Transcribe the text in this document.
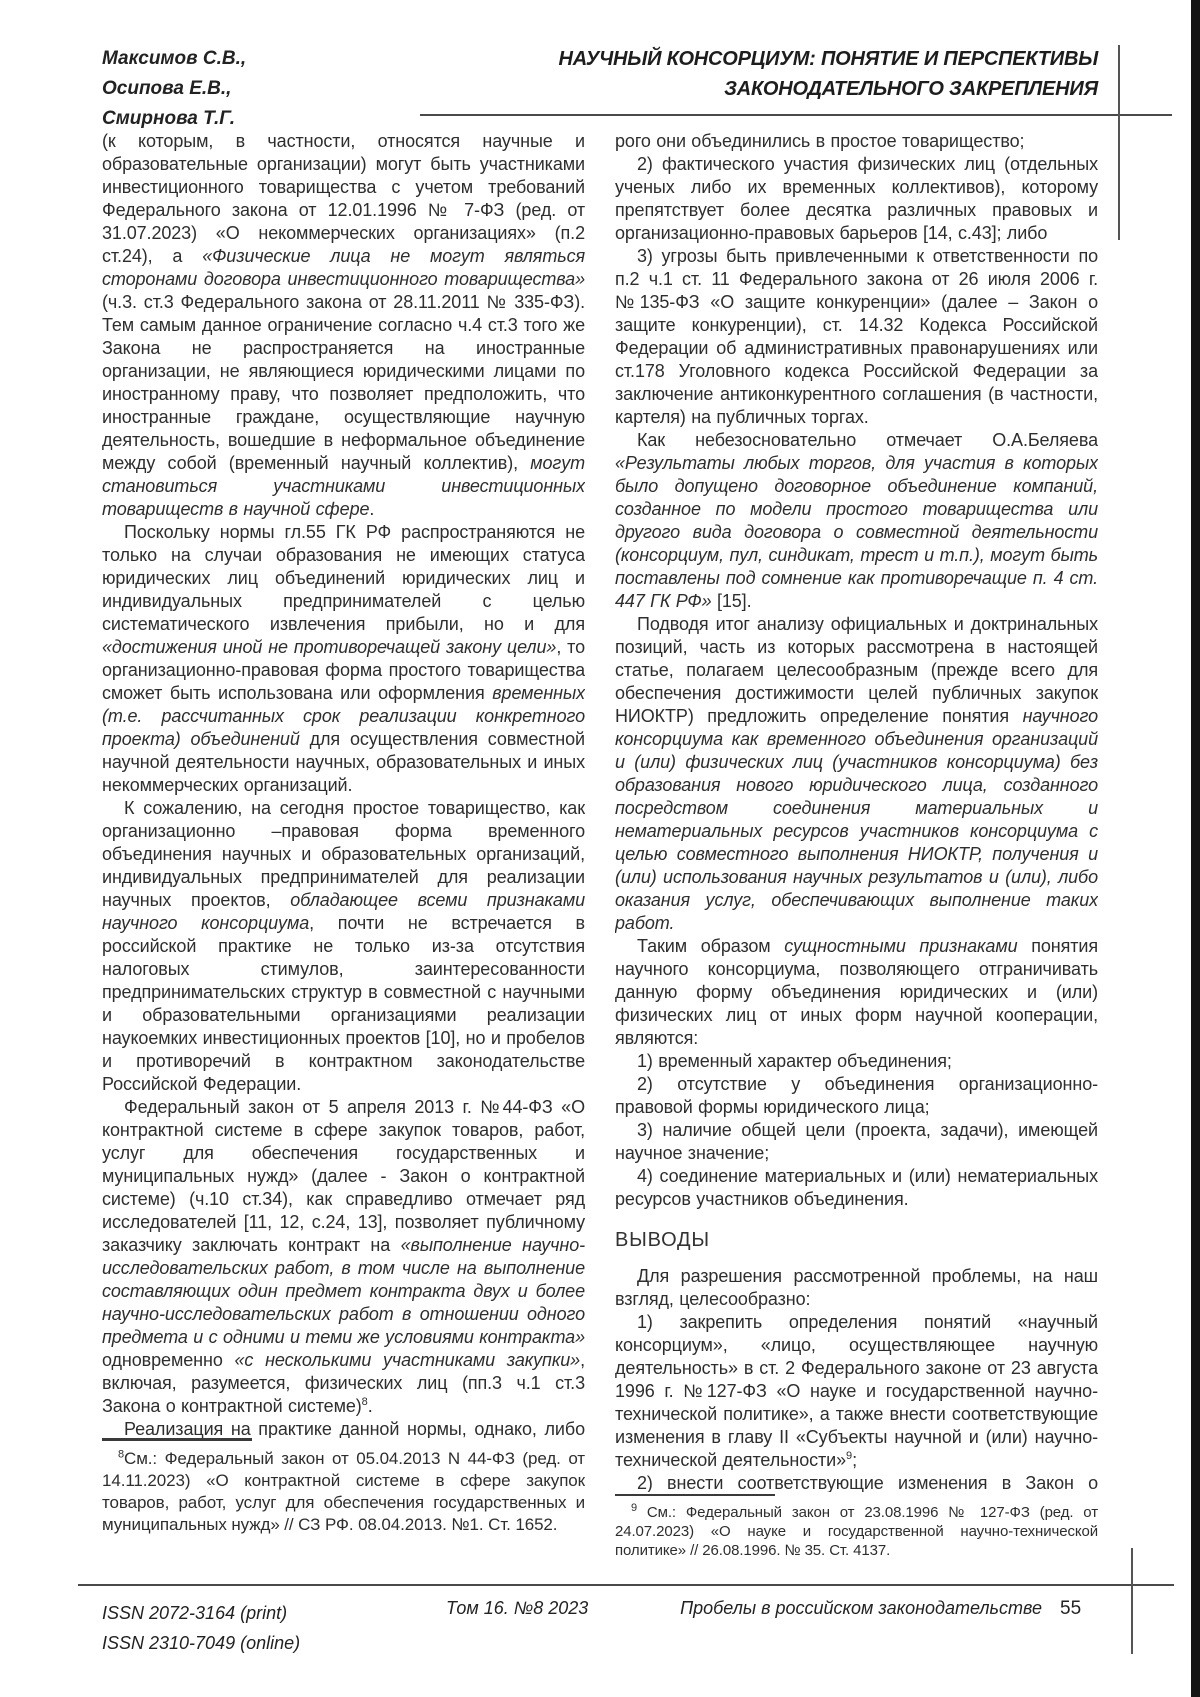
Максимов С.В.,
Осипова Е.В.,
Смирнова Т.Г.
НАУЧНЫЙ КОНСОРЦИУМ: ПОНЯТИЕ И ПЕРСПЕКТИВЫ
ЗАКОНОДАТЕЛЬНОГО ЗАКРЕПЛЕНИЯ

(к которым, в частности, относятся научные и образовательные организации) могут быть участниками инвестиционного товарищества с учетом требований Федерального закона от 12.01.1996 № 7-ФЗ (ред. от 31.07.2023) «О некоммерческих организациях» (п.2 ст.24), а «Физические лица не могут являться сторонами договора инвестиционного товарищества» (ч.3. ст.3 Федерального закона от 28.11.2011 № 335-ФЗ). Тем самым данное ограничение согласно ч.4 ст.3 того же Закона не распространяется на иностранные организации, не являющиеся юридическими лицами по иностранному праву, что позволяет предположить, что иностранные граждане, осуществляющие научную деятельность, вошедшие в неформальное объединение между собой (временный научный коллектив), могут становиться участниками инвестиционных товариществ в научной сфере.

Поскольку нормы гл.55 ГК РФ распространяются не только на случаи образования не имеющих статуса юридических лиц объединений юридических лиц и индивидуальных предпринимателей с целью систематического извлечения прибыли, но и для «достижения иной не противоречащей закону цели», то организационно-правовая форма простого товарищества сможет быть использована или оформления временных (т.е. рассчитанных срок реализации конкретного проекта) объединений для осуществления совместной научной деятельности научных, образовательных и иных некоммерческих организаций.

К сожалению, на сегодня простое товарищество, как организационно –правовая форма временного объединения научных и образовательных организаций, индивидуальных предпринимателей для реализации научных проектов, обладающее всеми признаками научного консорциума, почти не встречается в российской практике не только из-за отсутствия налоговых стимулов, заинтересованности предпринимательских структур в совместной с научными и образовательными организациями реализации наукоемких инвестиционных проектов [10], но и пробелов и противоречий в контрактном законодательстве Российской Федерации.

Федеральный закон от 5 апреля 2013 г. №44-ФЗ «О контрактной системе в сфере закупок товаров, работ, услуг для обеспечения государственных и муниципальных нужд» (далее - Закон о контрактной системе) (ч.10 ст.34), как справедливо отмечает ряд исследователей [11, 12, с.24, 13], позволяет публичному заказчику заключать контракт на «выполнение научно-исследовательских работ, в том числе на выполнение составляющих один предмет контракта двух и более научно-исследовательских работ в отношении одного предмета и с одними и теми же условиями контракта» одновременно «с несколькими участниками закупки», включая, разумеется, физических лиц (пп.3 ч.1 ст.3 Закона о контрактной системе)$^8$.

Реализация на практике данной нормы, однако, либо

рого они объединились в простое товарищество;

2) фактического участия физических лиц (отдельных ученых либо их временных коллективов), которому препятствует более десятка различных правовых и организационно-правовых барьеров [14, с.43]; либо

3) угрозы быть привлеченными к ответственности по п.2 ч.1 ст. 11 Федерального закона от 26 июля 2006 г. №135-ФЗ «О защите конкуренции» (далее – Закон о защите конкуренции), ст. 14.32 Кодекса Российской Федерации об административных правонарушениях или ст.178 Уголовного кодекса Российской Федерации за заключение антиконкурентного соглашения (в частности, картеля) на публичных торгах.

Как небезосновательно отмечает О.А.Беляева «Результаты любых торгов, для участия в которых было допущено договорное объединение компаний, созданное по модели простого товарищества или другого вида договора о совместной деятельности (консорциум, пул, синдикат, трест и т.п.), могут быть поставлены под сомнение как противоречащие п. 4 ст. 447 ГК РФ» [15].

Подводя итог анализу официальных и доктринальных позиций, часть из которых рассмотрена в настоящей статье, полагаем целесообразным (прежде всего для обеспечения достижимости целей публичных закупок НИОКТР) предложить определение понятия научного консорциума как временного объединения организаций и (или) физических лиц (участников консорциума) без образования нового юридического лица, созданного посредством соединения материальных и нематериальных ресурсов участников консорциума с целью совместного выполнения НИОКТР, получения и (или) использования научных результатов и (или), либо оказания услуг, обеспечивающих выполнение таких работ.

Таким образом сущностными признаками понятия научного консорциума, позволяющего отграничивать данную форму объединения юридических и (или) физических лиц от иных форм научной кооперации, являются:

1) временный характер объединения;

2) отсутствие у объединения организационно-правовой формы юридического лица;

3) наличие общей цели (проекта, задачи), имеющей научное значение;

4) соединение материальных и (или) нематериальных ресурсов участников объединения.

ВЫВОДЫ

Для разрешения рассмотренной проблемы, на наш взгляд, целесообразно:

1) закрепить определения понятий «научный консорциум», «лицо, осуществляющее научную деятельность» в ст. 2 Федерального законе от 23 августа 1996 г. №127-ФЗ «О науке и государственной научно-технической политике», а также внести соответствующие изменения в главу II «Субъекты научной и (или) научно-технической деятельности»$^9$;

2) внести соответствующие изменения в Закон о

$^8$См.: Федеральный закон от 05.04.2013 N 44-ФЗ (ред. от 14.11.2023) «О контрактной системе в сфере закупок товаров, работ, услуг для обеспечения государственных и муниципальных нужд» // СЗ РФ. 08.04.2013. №1. Ст. 1652.

$^9$ См.: Федеральный закон от 23.08.1996 № 127-ФЗ (ред. от 24.07.2023) «О науке и государственной научно-технической политике» // 26.08.1996. № 35. Ст. 4137.

ISSN 2072-3164 (print)
ISSN 2310-7049 (online)
Том 16. №8 2023	Пробелы в российском законодательстве 55
